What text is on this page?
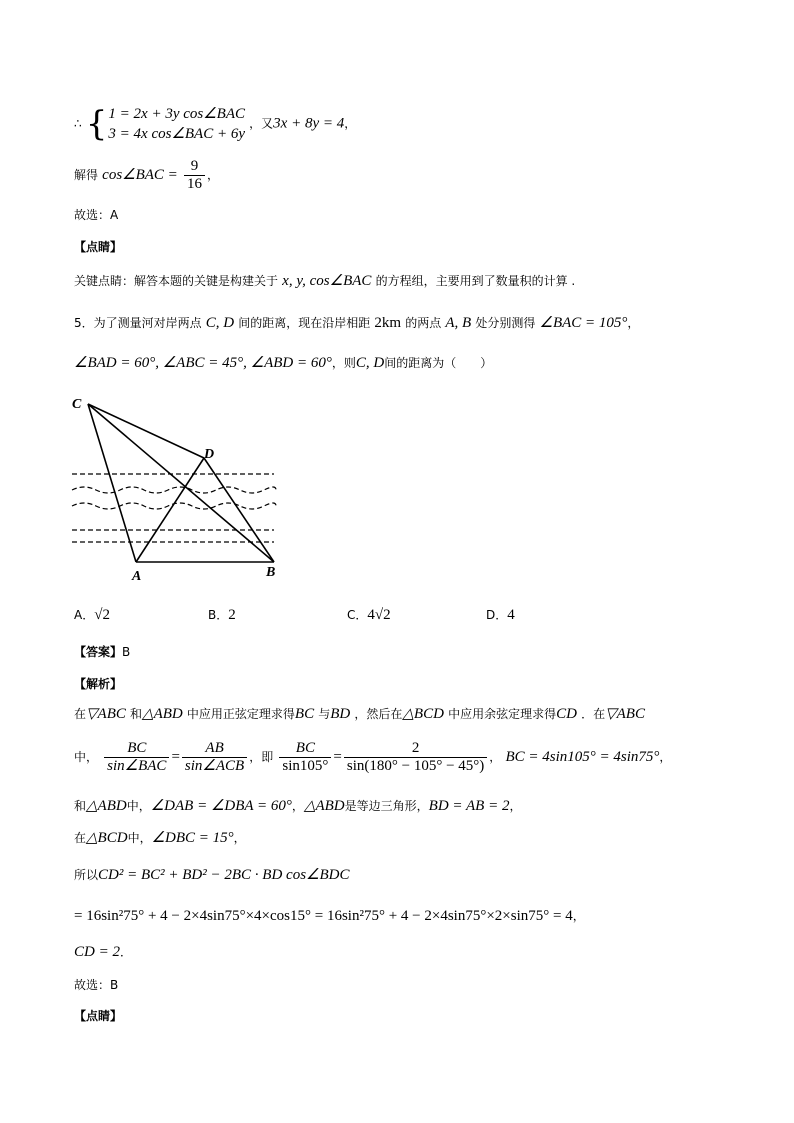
∴ { 1 = 2x + 3y cos∠BAC
3 = 4x cos∠BAC + 6y
，又3x + 8y = 4，
解得 cos∠BAC = $\frac{9}{16}$ ，
故选：A
【点睛】
关键点睛：解答本题的关键是构建关于 x, y, cos∠BAC 的方程组，主要用到了数量积的计算 .
5．为了测量河对岸两点 C, D 间的距离，现在沿岸相距 2km 的两点 A, B 处分别测得 ∠BAC = 105°，
∠BAD = 60°, ∠ABC = 45°, ∠ABD = 60°，则C, D间的距离为（　　）
C
D
A	B
A．√2	B．2	C．4√2	D．4
【答案】B
【解析】
在▽ABC 和△ABD 中应用正弦定理求得BC 与BD ，然后在△BCD 中应用余弦定理求得CD ．在▽ABC
中， $\frac{BC}{\text{sin∠BAC}} = \frac{AB}{\text{sin∠ACB}}$ ，即 $\frac{BC}{\sin 105^\circ} = \frac{2}{\sin(180^\circ - 105^\circ - 45^\circ)}$ ， BC = 4sin105° = 4sin75°，
和△ABD中，∠DAB = ∠DBA = 60°，△ABD是等边三角形，BD = AB = 2，
在△BCD中，∠DBC = 15°，
所以CD² = BC² + BD² − 2BC · BD cos∠BDC
= 16sin²75° + 4 − 2×4sin75°×4×cos15° = 16sin²75° + 4 − 2×4sin75°×2×sin75° = 4，
CD = 2．
故选：B
【点睛】
